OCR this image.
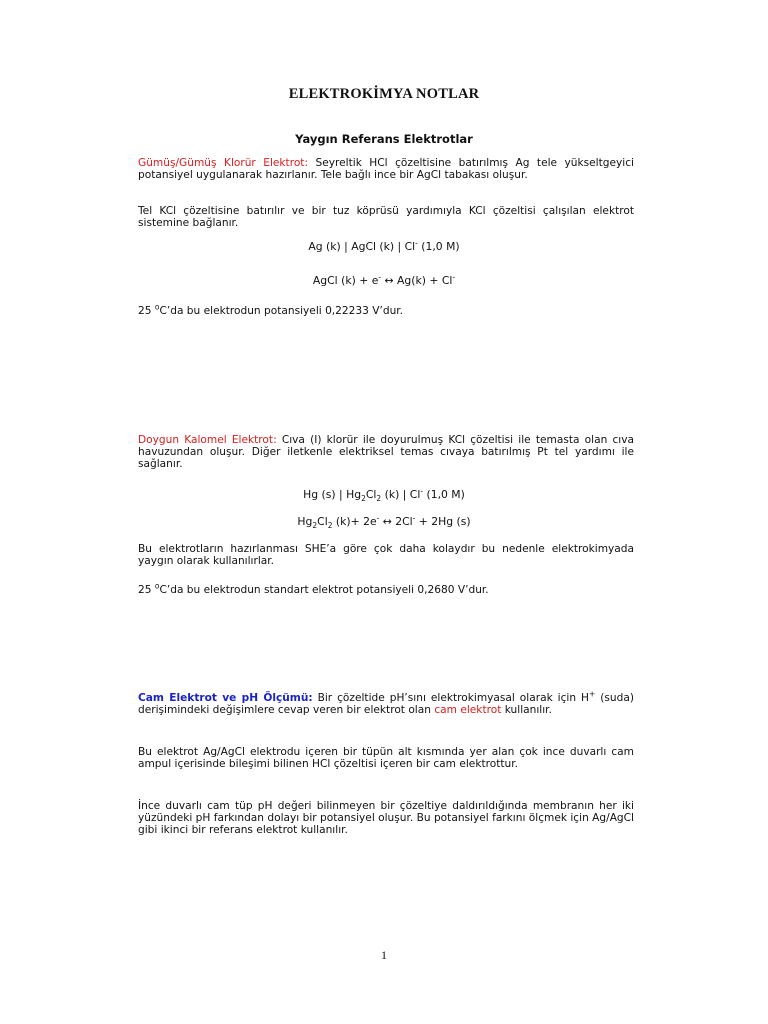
ELEKTROKİMYA NOTLAR
Yaygın Referans Elektrotlar
Gümüş/Gümüş Klorür Elektrot: Seyreltik HCl çözeltisine batırılmış Ag tele yükseltgeyici potansiyel uygulanarak hazırlanır. Tele bağlı ince bir AgCl tabakası oluşur.
Tel KCl çözeltisine batırılır ve bir tuz köprüsü yardımıyla KCl çözeltisi çalışılan elektrot sistemine bağlanır.
Ag (k) | AgCl (k) | Cl- (1,0 M)
AgCl (k) + e- ↔ Ag(k) + Cl-
25 $^o$C’da bu elektrodun potansiyeli 0,22233 V’dur.
Doygun Kalomel Elektrot: Cıva (I) klorür ile doyurulmuş KCl çözeltisi ile temasta olan cıva havuzundan oluşur. Diğer iletkenle elektriksel temas cıvaya batırılmış Pt tel yardımı ile sağlanır.
Hg (s) | $Hg_2Cl_2$ (k) | Cl- (1,0 M)
$Hg_2Cl_2$ (k)+ 2e- ↔ 2Cl- + 2Hg (s)
Bu elektrotların hazırlanması SHE’a göre çok daha kolaydır bu nedenle elektrokimyada yaygın olarak kullanılırlar.
25 $^o$C’da bu elektrodun standart elektrot potansiyeli 0,2680 V’dur.
Cam Elektrot ve pH Ölçümü: Bir çözeltide pH’sını elektrokimyasal olarak için H+ (suda) derişimindeki değişimlere cevap veren bir elektrot olan cam elektrot kullanılır.
Bu elektrot Ag/AgCl elektrodu içeren bir tüpün alt kısmında yer alan çok ince duvarlı cam ampul içerisinde bileşimi bilinen HCl çözeltisi içeren bir cam elektrottur.
İnce duvarlı cam tüp pH değeri bilinmeyen bir çözeltiye daldırıldığında membranın her iki yüzündeki pH farkından dolayı bir potansiyel oluşur. Bu potansiyel farkını ölçmek için Ag/AgCl gibi ikinci bir referans elektrot kullanılır.
1
